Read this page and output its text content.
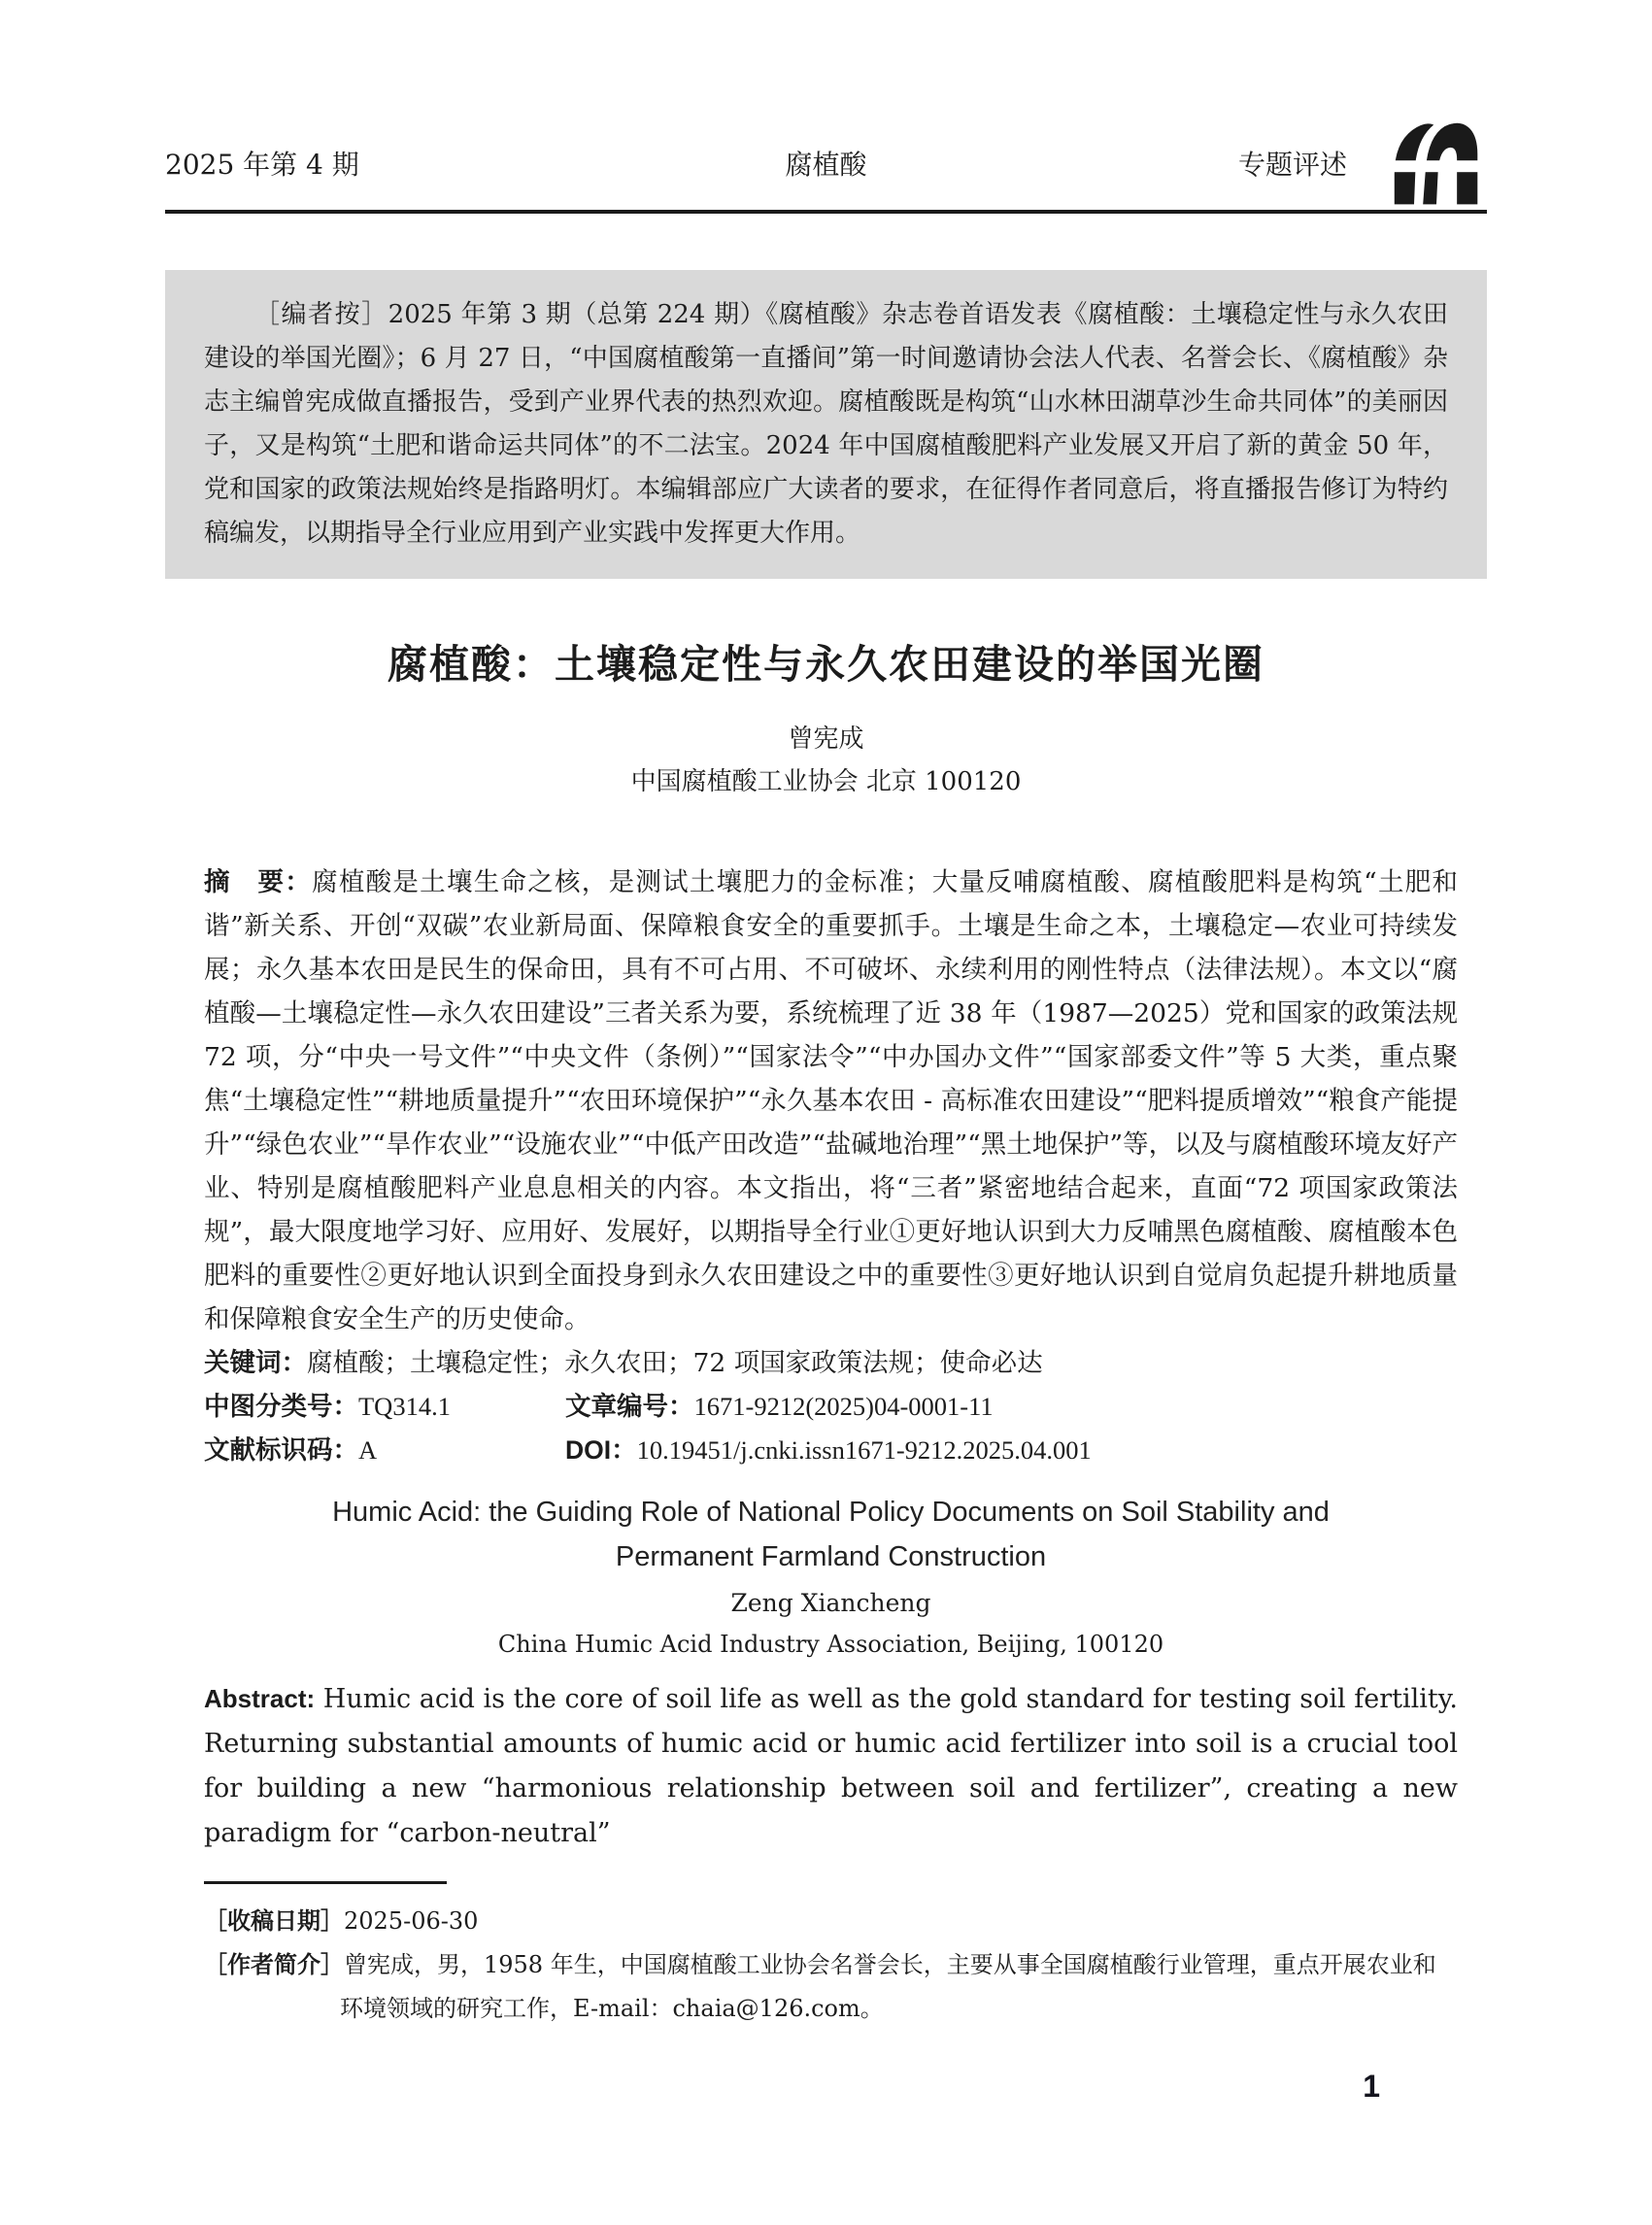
2025 年第 4 期	腐植酸	专题评述

［编者按］2025 年第 3 期（总第 224 期）《腐植酸》杂志卷首语发表《腐植酸：土壤稳定性与永久农田建设的举国光圈》；6 月 27 日，“中国腐植酸第一直播间”第一时间邀请协会法人代表、名誉会长、《腐植酸》杂志主编曾宪成做直播报告，受到产业界代表的热烈欢迎。腐植酸既是构筑“山水林田湖草沙生命共同体”的美丽因子，又是构筑“土肥和谐命运共同体”的不二法宝。2024 年中国腐植酸肥料产业发展又开启了新的黄金 50 年，党和国家的政策法规始终是指路明灯。本编辑部应广大读者的要求，在征得作者同意后，将直播报告修订为特约稿编发，以期指导全行业应用到产业实践中发挥更大作用。

腐植酸：土壤稳定性与永久农田建设的举国光圈
曾宪成
中国腐植酸工业协会 北京 100120

摘　要：腐植酸是土壤生命之核，是测试土壤肥力的金标准；大量反哺腐植酸、腐植酸肥料是构筑“土肥和谐”新关系、开创“双碳”农业新局面、保障粮食安全的重要抓手。土壤是生命之本，土壤稳定—农业可持续发展；永久基本农田是民生的保命田，具有不可占用、不可破坏、永续利用的刚性特点（法律法规）。本文以“腐植酸—土壤稳定性—永久农田建设”三者关系为要，系统梳理了近 38 年（1987—2025）党和国家的政策法规 72 项，分“中央一号文件”“中央文件（条例）”“国家法令”“中办国办文件”“国家部委文件”等 5 大类，重点聚焦“土壤稳定性”“耕地质量提升”“农田环境保护”“永久基本农田 - 高标准农田建设”“肥料提质增效”“粮食产能提升”“绿色农业”“旱作农业”“设施农业”“中低产田改造”“盐碱地治理”“黑土地保护”等，以及与腐植酸环境友好产业、特别是腐植酸肥料产业息息相关的内容。本文指出，将“三者”紧密地结合起来，直面“72 项国家政策法规”，最大限度地学习好、应用好、发展好，以期指导全行业①更好地认识到大力反哺黑色腐植酸、腐植酸本色肥料的重要性②更好地认识到全面投身到永久农田建设之中的重要性③更好地认识到自觉肩负起提升耕地质量和保障粮食安全生产的历史使命。

关键词：腐植酸；土壤稳定性；永久农田；72 项国家政策法规；使命必达
中图分类号：TQ314.1	文章编号：1671-9212(2025)04-0001-11
文献标识码：A	DOI：10.19451/j.cnki.issn1671-9212.2025.04.001
Humic Acid: the Guiding Role of National Policy Documents on Soil Stability and
Permanent Farmland Construction
Zeng Xiancheng
China Humic Acid Industry Association, Beijing, 100120

Abstract: Humic acid is the core of soil life as well as the gold standard for testing soil fertility. Returning substantial amounts of humic acid or humic acid fertilizer into soil is a crucial tool for building a new “harmonious relationship between soil and fertilizer”, creating a new paradigm for “carbon-neutral”

［收稿日期］2025-06-30

［作者简介］曾宪成，男，1958 年生，中国腐植酸工业协会名誉会长，主要从事全国腐植酸行业管理，重点开展农业和环境领域的研究工作，E-mail：chaia@126.com。

1
